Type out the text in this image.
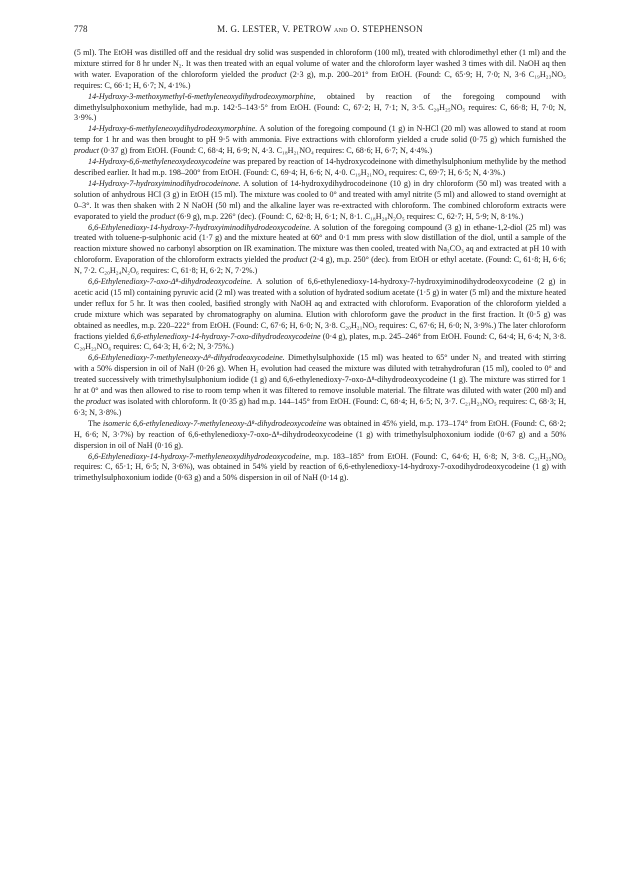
778	M. G. LESTER, V. PETROW and O. STEPHENSON

(5 ml). The EtOH was distilled off and the residual dry solid was suspended in chloroform (100 ml), treated with chlorodimethyl ether (1 ml) and the mixture stirred for 8 hr under N₂. It was then treated with an equal volume of water and the chloroform layer washed 3 times with dil. NaOH aq then with water. Evaporation of the chloroform yielded the product (2·3 g), m.p. 200–201° from EtOH. (Found: C, 65·9; H, 7·0; N, 3·6 C₁₉H₂₃NO₅ requires: C, 66·1; H, 6·7; N, 4·1%.)

14-Hydroxy-3-methoxymethyl-6-methyleneoxydihydrodeoxymorphine, obtained by reaction of the foregoing compound with dimethylsulphoxonium methylide, had m.p. 142·5–143·5° from EtOH. (Found: C, 67·2; H, 7·1; N, 3·5. C₂₀H₂₅NO₅ requires: C, 66·8; H, 7·0; N, 3·9%.)

14-Hydroxy-6-methyleneoxydihydrodeoxymorphine. A solution of the foregoing compound (1 g) in N-HCl (20 ml) was allowed to stand at room temp for 1 hr and was then brought to pH 9·5 with ammonia. Five extractions with chloroform yielded a crude solid (0·75 g) which furnished the product (0·37 g) from EtOH. (Found: C, 68·4; H, 6·9; N, 4·3. C₁₈H₂₁NO₄ requires: C, 68·6; H, 6·7; N, 4·4%.)

14-Hydroxy-6,6-methyleneoxydeoxycodeine was prepared by reaction of 14-hydroxycodeinone with dimethylsulphonium methylide by the method described earlier. It had m.p. 198–200° from EtOH. (Found: C, 69·4; H, 6·6; N, 4·0. C₁₉H₂₁NO₄ requires: C, 69·7; H, 6·5; N, 4·3%.)

14-Hydroxy-7-hydroxyiminodihydrocodeinone. A solution of 14-hydroxydihydrocodeinone (10 g) in dry chloroform (50 ml) was treated with a solution of anhydrous HCl (3 g) in EtOH (15 ml). The mixture was cooled to 0° and treated with amyl nitrite (5 ml) and allowed to stand overnight at 0–3°. It was then shaken with 2 N NaOH (50 ml) and the alkaline layer was re-extracted with chloroform. The combined chloroform extracts were evaporated to yield the product (6·9 g), m.p. 226° (dec). (Found: C, 62·8; H, 6·1; N, 8·1. C₁₈H₂₀N₂O₅ requires: C, 62·7; H, 5·9; N, 8·1%.)

6,6-Ethylenedioxy-14-hydroxy-7-hydroxyiminodihydrodeoxycodeine. A solution of the foregoing compound (3 g) in ethane-1,2-diol (25 ml) was treated with toluene-p-sulphonic acid (1·7 g) and the mixture heated at 60° and 0·1 mm press with slow distillation of the diol, until a sample of the reaction mixture showed no carbonyl absorption on IR examination. The mixture was then cooled, treated with Na₂CO₃ aq and extracted at pH 10 with chloroform. Evaporation of the chloroform extracts yielded the product (2·4 g), m.p. 250° (dec). from EtOH or ethyl acetate. (Found: C, 61·8; H, 6·6; N, 7·2. C₂₀H₂₄N₂O₆ requires: C, 61·8; H, 6·2; N, 7·2%.)

6,6-Ethylenedioxy-7-oxo-Δ⁸-dihydrodeoxycodeine. A solution of 6,6-ethylenedioxy-14-hydroxy-7-hydroxyiminodihydrodeoxycodeine (2 g) in acetic acid (15 ml) containing pyruvic acid (2 ml) was treated with a solution of hydrated sodium acetate (1·5 g) in water (5 ml) and the mixture heated under reflux for 5 hr. It was then cooled, basified strongly with NaOH aq and extracted with chloroform. Evaporation of the chloroform yielded a crude mixture which was separated by chromatography on alumina. Elution with chloroform gave the product in the first fraction. It (0·5 g) was obtained as needles, m.p. 220–222° from EtOH. (Found: C, 67·6; H, 6·0; N, 3·8. C₂₀H₂₁NO₅ requires: C, 67·6; H, 6·0; N, 3·9%.) The later chloroform fractions yielded 6,6-ethylenedioxy-14-hydroxy-7-oxo-dihydrodeoxycodeine (0·4 g), plates, m.p. 245–246° from EtOH. Found: C, 64·4; H, 6·4; N, 3·8. C₂₀H₂₃NO₆ requires: C, 64·3; H, 6·2; N, 3·75%.)

6,6-Ethylenedioxy-7-methyleneoxy-Δ⁸-dihydrodeoxycodeine. Dimethylsulphoxide (15 ml) was heated to 65° under N₂ and treated with stirring with a 50% dispersion in oil of NaH (0·26 g). When H₂ evolution had ceased the mixture was diluted with tetrahydrofuran (15 ml), cooled to 0° and treated successively with trimethylsulphonium iodide (1 g) and 6,6-ethylenedioxy-7-oxo-Δ⁸-dihydrodeoxycodeine (1 g). The mixture was stirred for 1 hr at 0° and was then allowed to rise to room temp when it was filtered to remove insoluble material. The filtrate was diluted with water (200 ml) and the product was isolated with chloroform. It (0·35 g) had m.p. 144–145° from EtOH. (Found: C, 68·4; H, 6·5; N, 3·7. C₂₁H₂₃NO₅ requires: C, 68·3; H, 6·3; N, 3·8%.)

The isomeric 6,6-ethylenedioxy-7-methyleneoxy-Δ⁸-dihydrodeoxycodeine was obtained in 45% yield, m.p. 173–174° from EtOH. (Found: C, 68·2; H, 6·6; N, 3·7%) by reaction of 6,6-ethylenedioxy-7-oxo-Δ⁸-dihydrodeoxycodeine (1 g) with trimethylsulphoxonium iodide (0·67 g) and a 50% dispersion in oil of NaH (0·16 g).

6,6-Ethylenedioxy-14-hydroxy-7-methyleneoxydihydrodeoxycodeine, m.p. 183–185° from EtOH. (Found: C, 64·6; H, 6·8; N, 3·8. C₂₁H₂₅NO₆ requires: C, 65·1; H, 6·5; N, 3·6%), was obtained in 54% yield by reaction of 6,6-ethylenedioxy-14-hydroxy-7-oxodihydrodeoxycodeine (1 g) with trimethylsulphoxonium iodide (0·63 g) and a 50% dispersion in oil of NaH (0·14 g).
